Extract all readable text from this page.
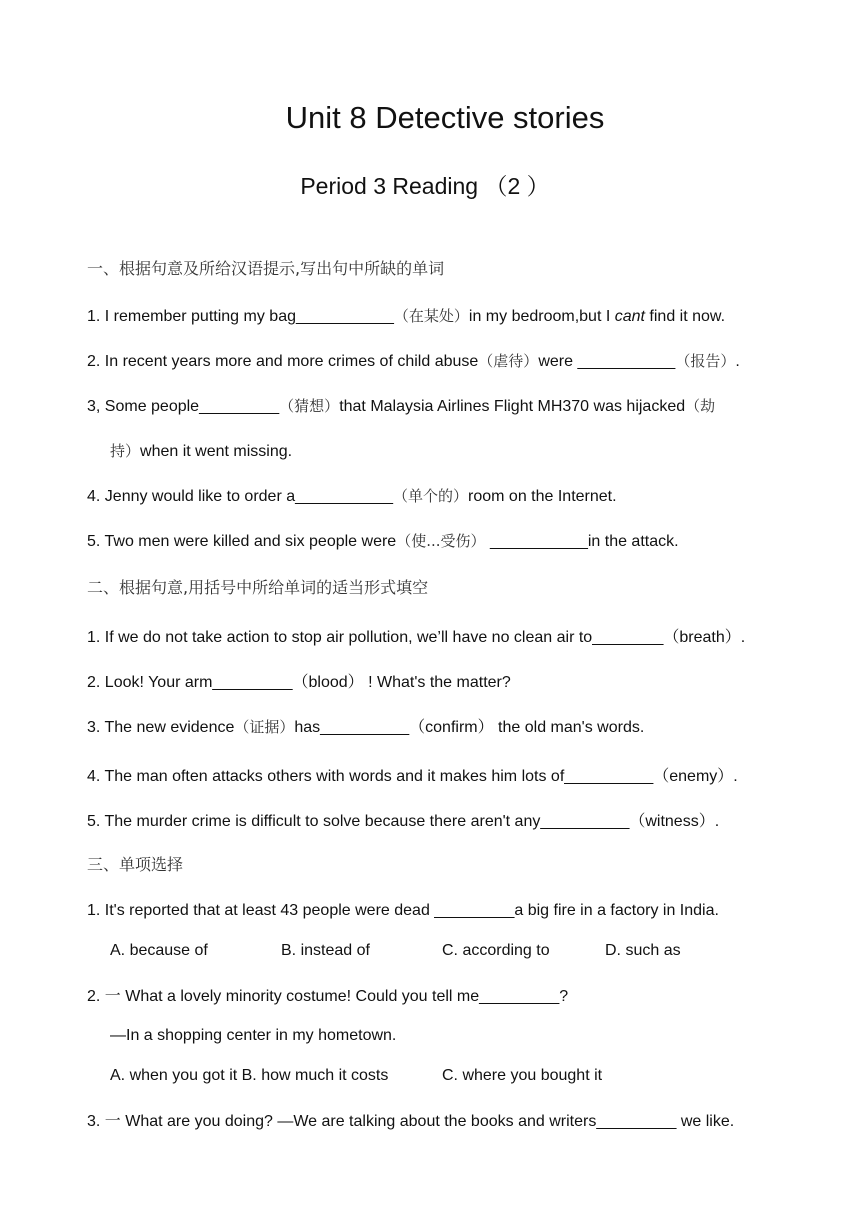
Unit 8 Detective stories
Period 3 Reading （2 ）
一、根据句意及所给汉语提示,写出句中所缺的单词
1. I remember putting my bag___________（在某处）in my bedroom,but I cant find it now.
2. In recent years more and more crimes of child abuse（虐待）were ___________（报告）.
3, Some people_________（猜想）that Malaysia Airlines Flight MH370 was hijacked（劫
持）when it went missing.
4. Jenny would like to order a___________（单个的）room on the Internet.
5. Two men were killed and six people were（使...受伤） ___________in the attack.
二、根据句意,用括号中所给单词的适当形式填空
1. If we do not take action to stop air pollution, we’ll have no clean air to________（breath）.
2. Look! Your arm_________（blood） ! What's the matter?
3. The new evidence（证据）has__________（confirm） the old man's words.
4. The man often attacks others with words and it makes him lots of__________（enemy）.
5. The murder crime is difficult to solve because there aren't any__________（witness）.
三、单项选择
1. It's reported that at least 43 people were dead _________a big fire in a factory in India.
A. because of	B. instead of	C. according to	D. such as
2. 一 What a lovely minority costume! Could you tell me_________?
—In a shopping center in my hometown.
A. when you got it B. how much it costs	C. where you bought it
3. 一 What are you doing? —We are talking about the books and writers_________ we like.
